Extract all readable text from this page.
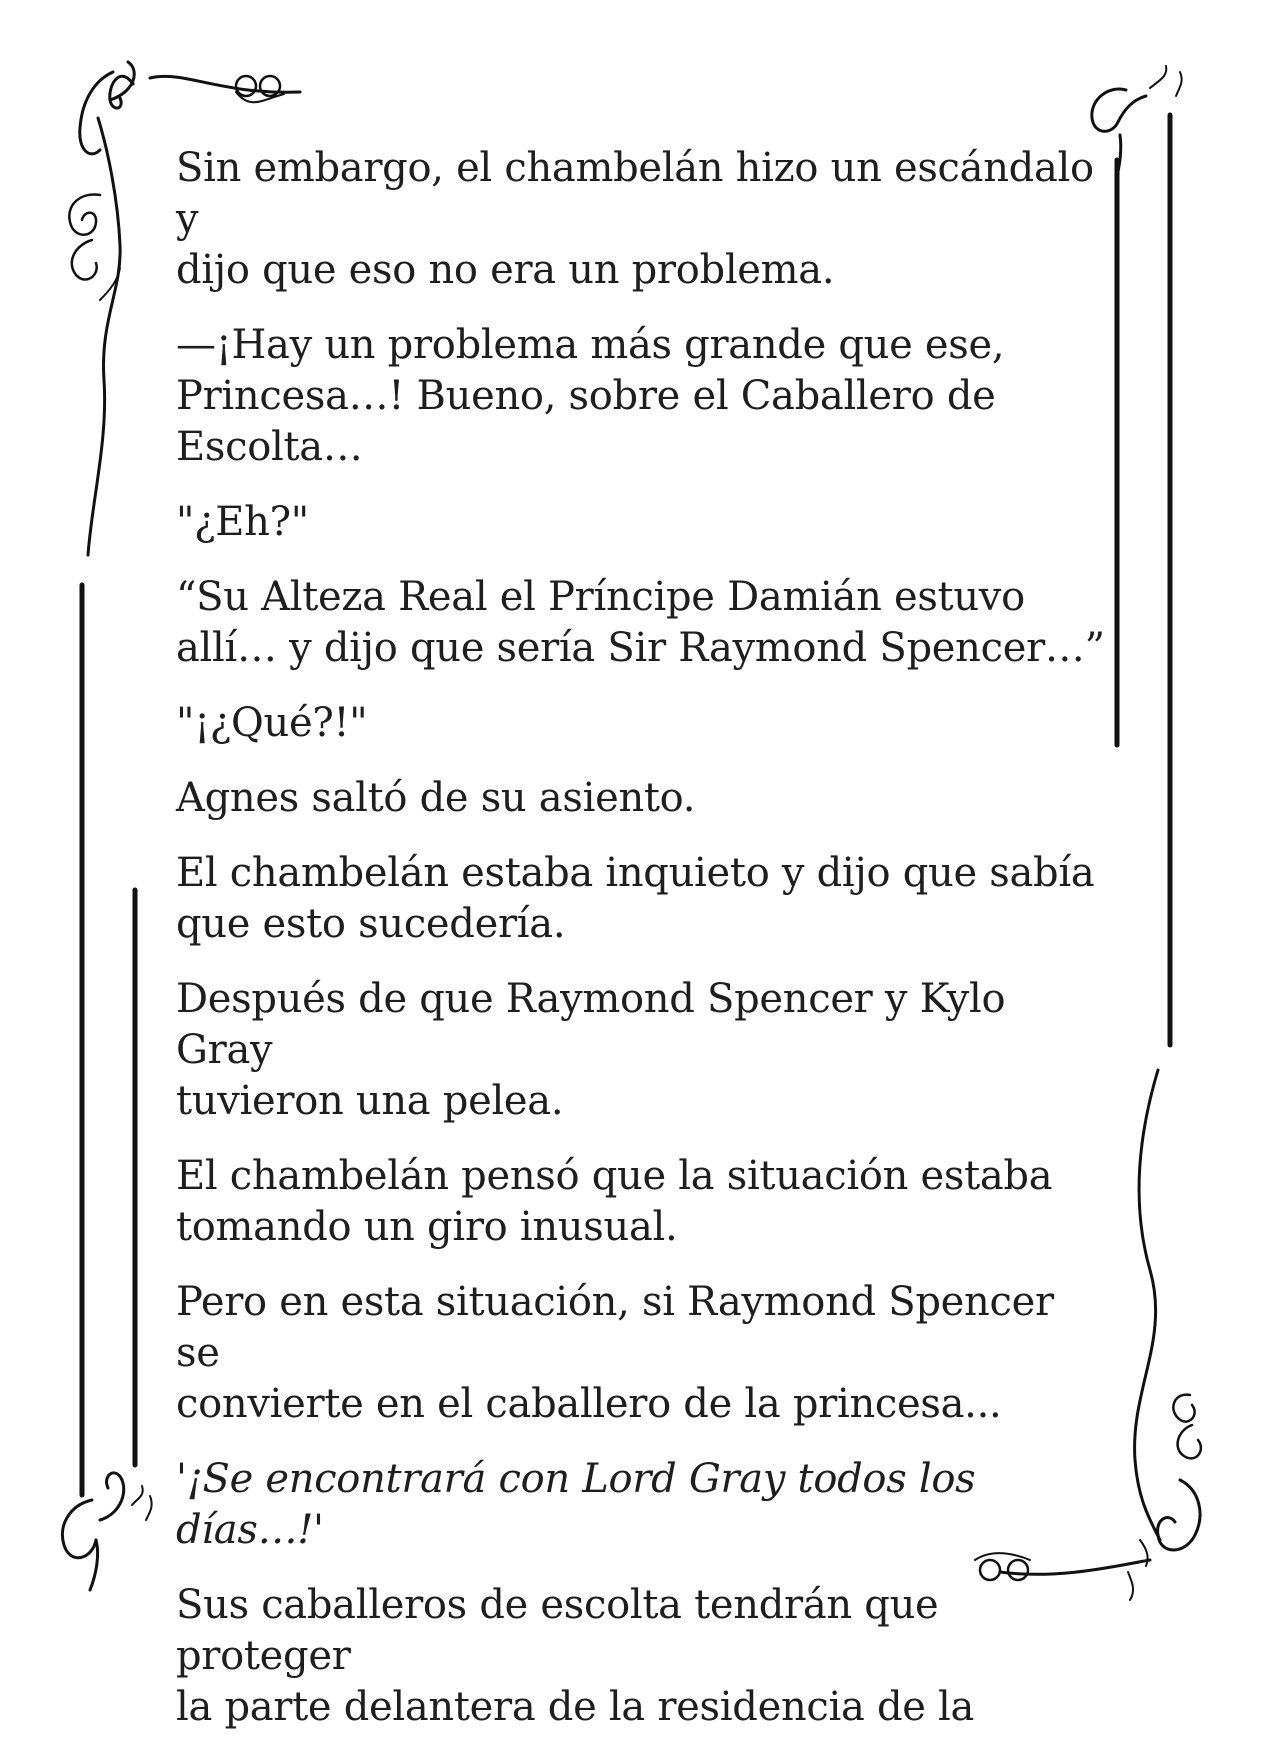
Sin embargo, el chambelán hizo un escándalo y
dijo que eso no era un problema.

—¡Hay un problema más grande que ese,
Princesa…! Bueno, sobre el Caballero de
Escolta…

"¿Eh?"

“Su Alteza Real el Príncipe Damián estuvo
allí… y dijo que sería Sir Raymond Spencer…”

"¡¿Qué?!"

Agnes saltó de su asiento.

El chambelán estaba inquieto y dijo que sabía
que esto sucedería.

Después de que Raymond Spencer y Kylo Gray
tuvieron una pelea.

El chambelán pensó que la situación estaba
tomando un giro inusual.

Pero en esta situación, si Raymond Spencer se
convierte en el caballero de la princesa...

'¡Se encontrará con Lord Gray todos los días…!'

Sus caballeros de escolta tendrán que proteger
la parte delantera de la residencia de la
